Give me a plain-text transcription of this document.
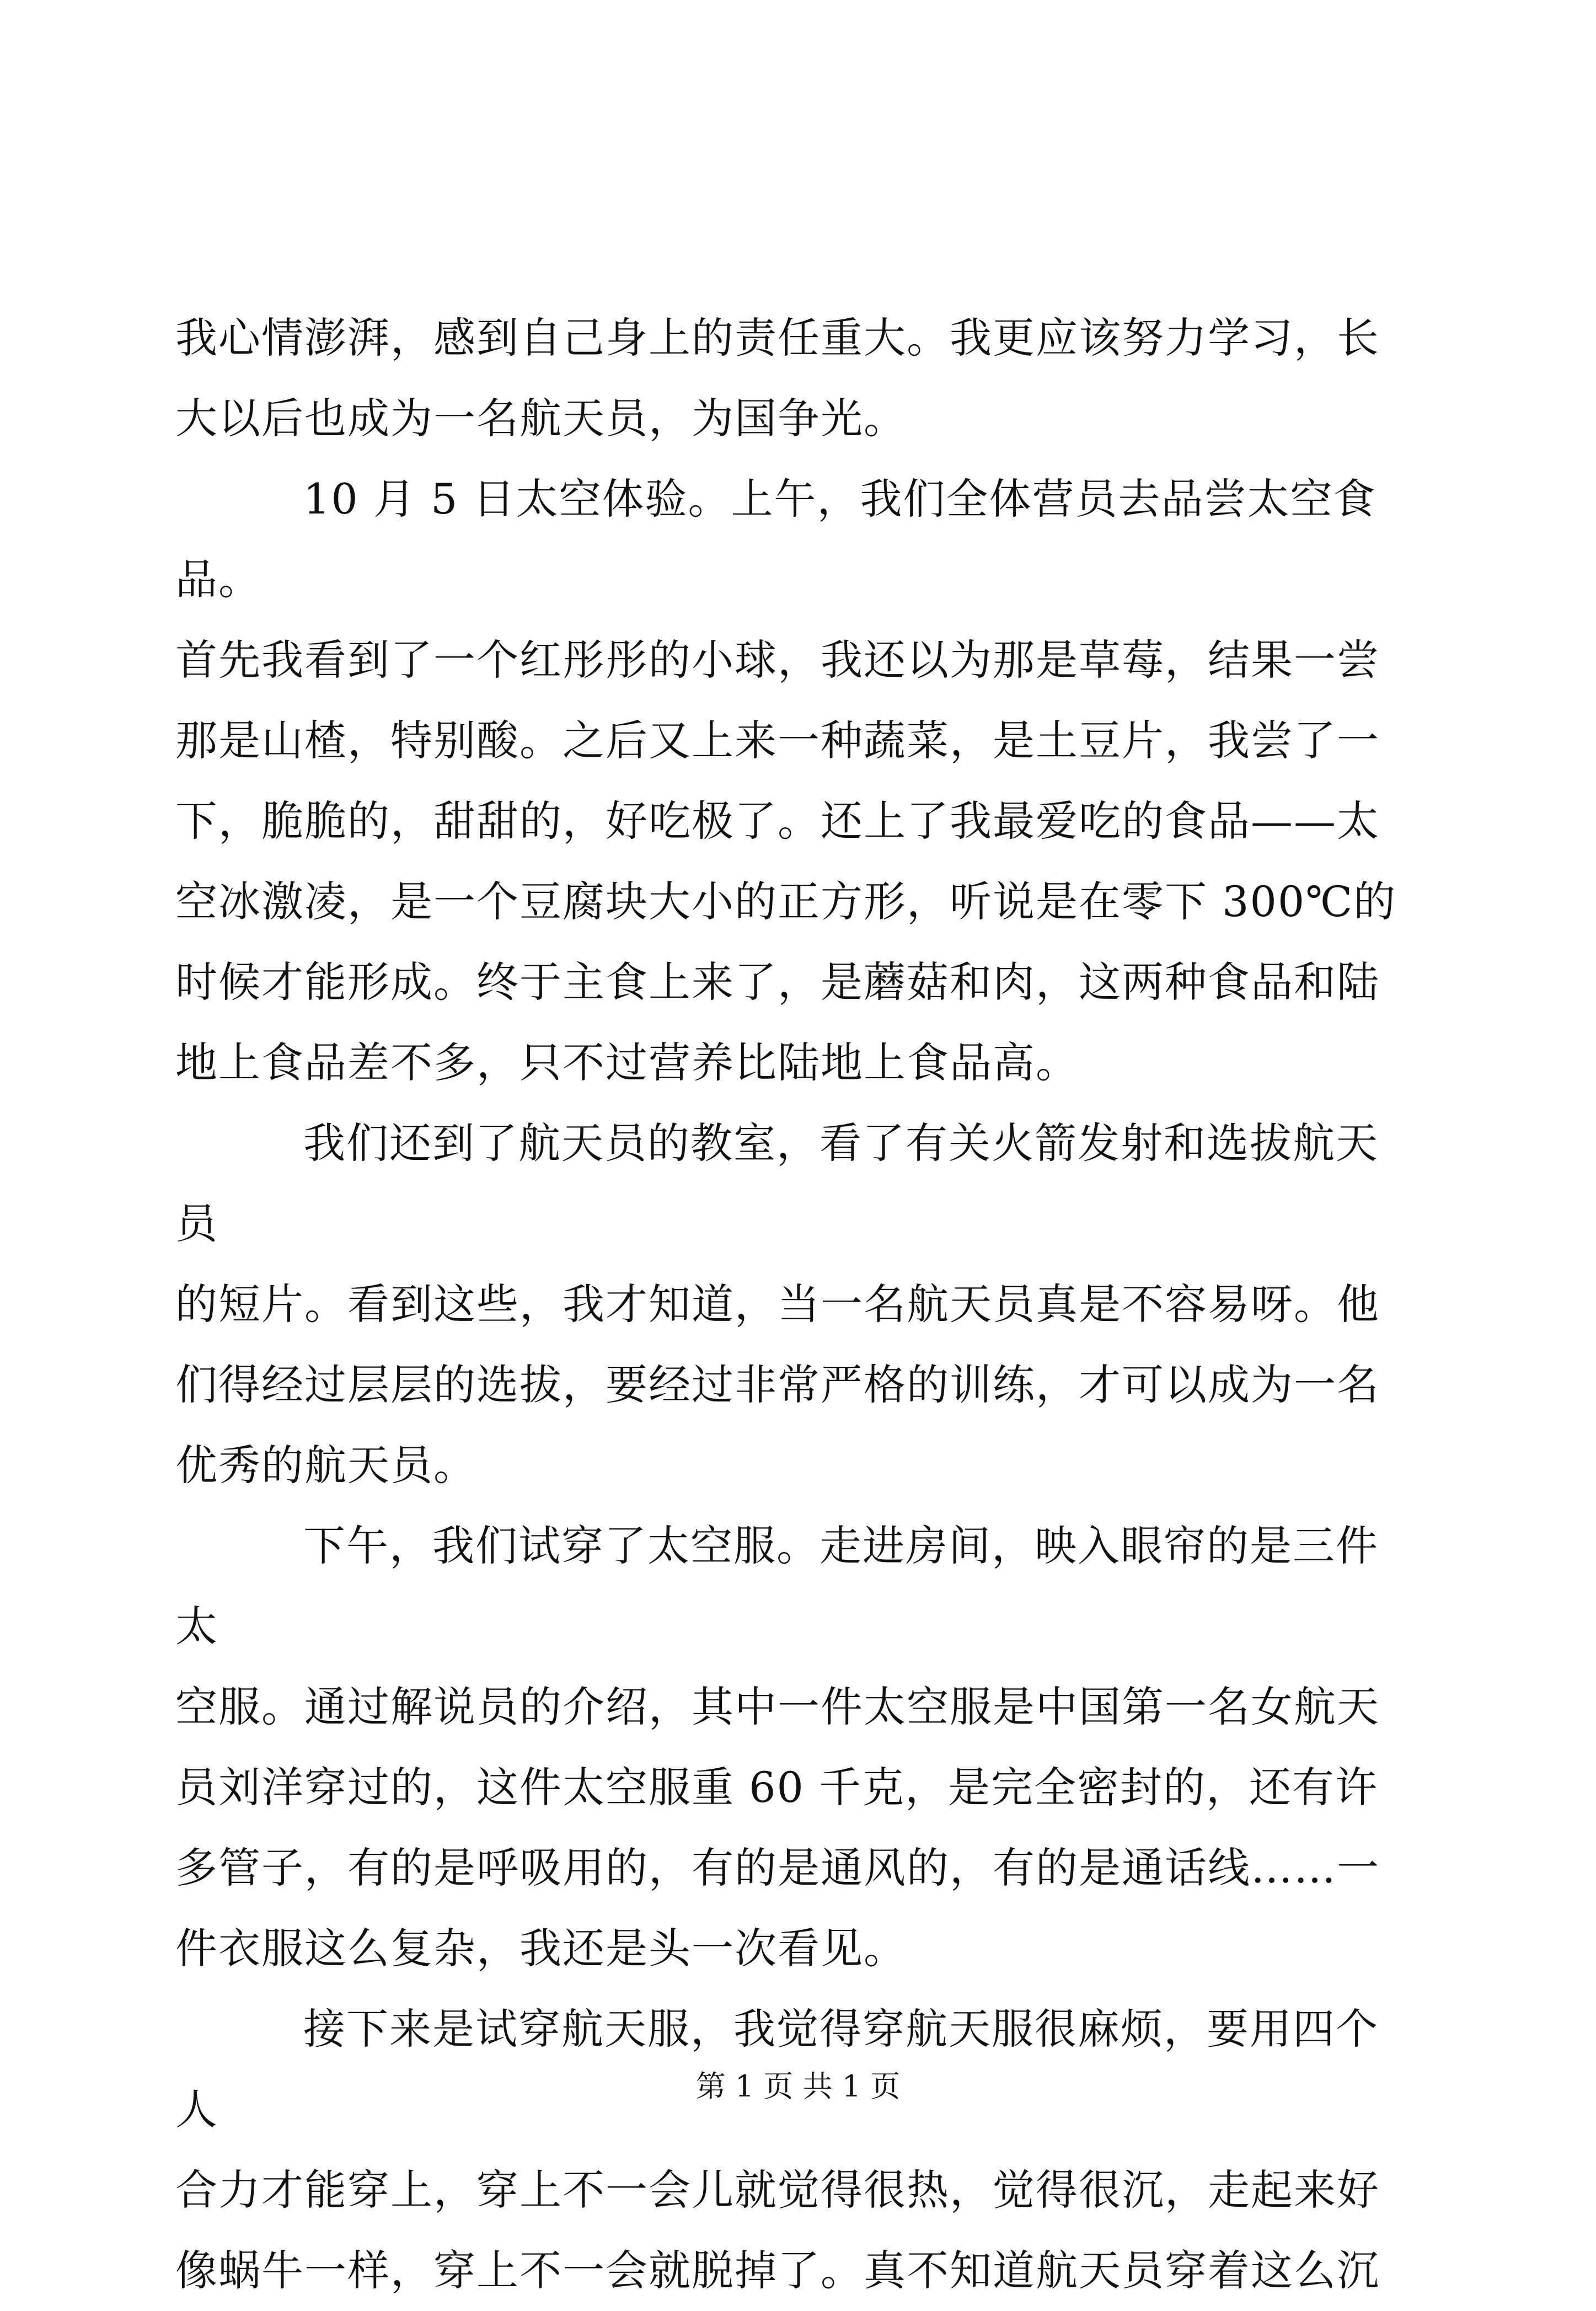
我心情澎湃，感到自己身上的责任重大。我更应该努力学习，长
大以后也成为一名航天员，为国争光。

10 月 5 日太空体验。上午，我们全体营员去品尝太空食品。
首先我看到了一个红彤彤的小球，我还以为那是草莓，结果一尝
那是山楂，特别酸。之后又上来一种蔬菜，是土豆片，我尝了一
下，脆脆的，甜甜的，好吃极了。还上了我最爱吃的食品——太
空冰激凌，是一个豆腐块大小的正方形，听说是在零下 300℃的
时候才能形成。终于主食上来了，是蘑菇和肉，这两种食品和陆
地上食品差不多，只不过营养比陆地上食品高。

我们还到了航天员的教室，看了有关火箭发射和选拔航天员
的短片。看到这些，我才知道，当一名航天员真是不容易呀。他
们得经过层层的选拔，要经过非常严格的训练，才可以成为一名
优秀的航天员。

下午，我们试穿了太空服。走进房间，映入眼帘的是三件太
空服。通过解说员的介绍，其中一件太空服是中国第一名女航天
员刘洋穿过的，这件太空服重 60 千克，是完全密封的，还有许
多管子，有的是呼吸用的，有的是通风的，有的是通话线……一
件衣服这么复杂，我还是头一次看见。

接下来是试穿航天服，我觉得穿航天服很麻烦，要用四个人
合力才能穿上，穿上不一会儿就觉得很热，觉得很沉，走起来好
像蜗牛一样，穿上不一会就脱掉了。真不知道航天员穿着这么沉

第 1 页 共 1 页
